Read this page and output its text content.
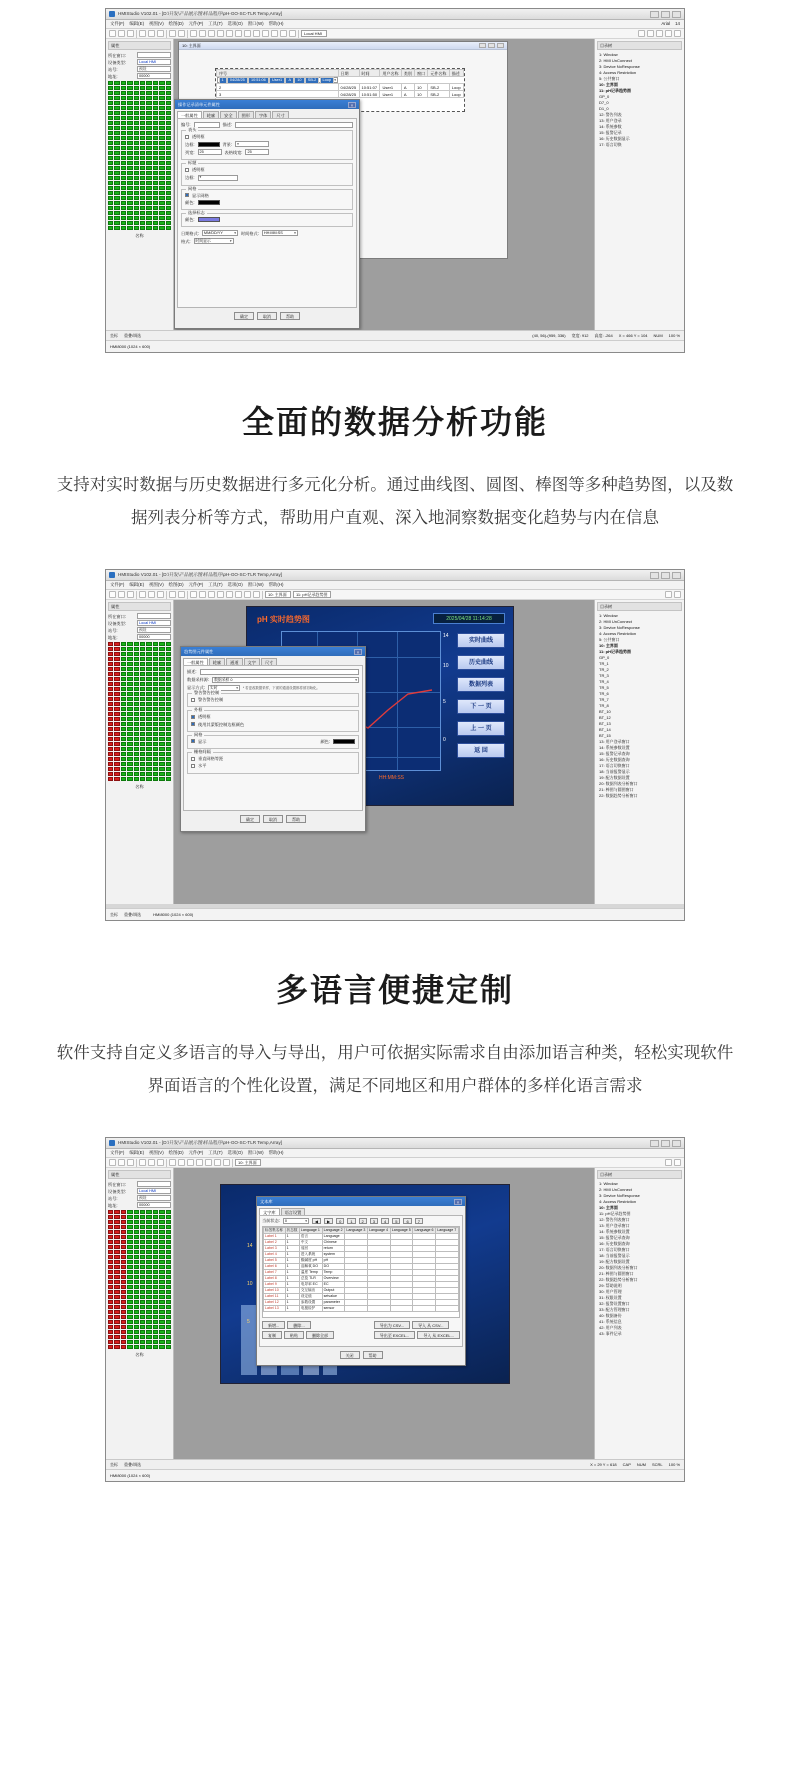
HMIStudio V102.01 - [D:\开发\产品展示图\样品程序\pH-GO-SC-TLR Temp,Array]
文件(F) 编辑(E) 视图(V) 绘图(D) 元件(P) 工具(T) 选项(O) 窗口(W) 帮助(H)	Arial 14
Local HMI
属性
所在窗口:
设备类型:	Local HMI
站号:	预设
地址:	00000
名称
10: 主界面
序号	日期	时间	用户名称	类别	窗口	元件名称	描述

1	04/28/25	10:51:06	User1	A	10	SB-2	Loop
▾
2	04/28/25	10:51:07	User1	A	10	SB-2	Loop
3	04/28/25	10:51:50	User1	A	10	SB-2	Loop
操作记录清单元件属性	×
一般属性	轮廓	安全	图形	字体	尺寸
编号:	描述:
表头
透明框
边框:	背景:
▾
列宽:	25	表格线宽:	25
标题
透明框
边框:
▾
网格
显示网格
颜色:
选择标志
颜色:
日期格式:	MM/DD/YY ▾	时间格式:	HH:MM:SS ▾
格式:	时间显示 ▾
确定	取消	帮助
目录树
1: Window
2: HMI UnConnect
3: Device NoResponse
4: Access Restriction
5: 公共窗口
10: 主界面
11: pH记录趋势图
GP_0
D7_0
D1_0
12: 警告列表
13: 用户登录
14: 系统参数
15: 报警记录
16: 历史数据显示
17: 语言切换
坐标 重叠/调选	(40, 56)-(959, 336) 宽度: 912 高度: -264 X = 466 Y = 104 NUM 100 %
HMI8000 (1024 × 600)
全面的数据分析功能

支持对实时数据与历史数据进行多元化分析。通过曲线图、圆图、棒图等多种趋势图，以及数据列表分析等方式，帮助用户直观、深入地洞察数据变化趋势与内在信息

HMIStudio V102.01 - [D:\开发\产品展示图\样品程序\pH-GO-SC-TLR Temp,Array]
文件(F) 编辑(E) 视图(V) 绘图(D) 元件(P) 工具(T) 选项(O) 窗口(W) 帮助(H)
10: 主界面	11: pH记录趋势图
属性
所在窗口:
设备类型:	Local HMI
站号:	预设
地址:	00000
名称
pH 实时趋势图	2025/04/28 11:14:28
14
10
5
0
HH:MM:SS
实时曲线
历史曲线
数据列表
下 一 页
上 一 页
返 回
趋势图元件属性	×
一般属性	轮廓	通道	文字	尺寸
描述:
数据采样源:	数据采样 0 ▾
显示方式:	实时 ▾	* 若更改数据采样，下面的通道设置都将被初始化。
警告警告控制
警告警告控制
外框
透明框
使用其蒙版控制边框颜色
网格
显示	颜色:
栅格间隔
垂直网格等距
水平
确定	取消	帮助
目录树
1: Window
2: HMI UnConnect
3: Device NoResponse
4: Access Restriction
5: 公共窗口
10: 主界面
11: pH记录趋势图
GP_0
TR_1
TR_2
TR_3
TR_4
TR_5
TR_6
TR_7
TR_8
BT_10
BT_12
BT_13
BT_14
BT_15
13: 用户登录窗口
14: 系统参数设置
15: 报警记录查询
16: 历史数据查询
17: 语言切换窗口
18: 当前报警显示
19: 配方数据设置
20: 数据列表分析窗口
21: 棒图与圆图窗口
22: 数据趋势分析窗口
坐标 重叠/调选	HMI8000 (1024 × 600)
多语言便捷定制

软件支持自定义多语言的导入与导出，用户可依据实际需求自由添加语言种类，轻松实现软件界面语言的个性化设置，满足不同地区和用户群体的多样化语言需求

HMIStudio V102.01 - [D:\开发\产品展示图\样品程序\pH-GO-SC-TLR Temp,Array]
文件(F) 编辑(E) 视图(V) 绘图(D) 元件(P) 工具(T) 选项(O) 窗口(W) 帮助(H)
10: 主界面
属性
所在窗口:
设备类型:	Local HMI
站号:	预设
地址:	00000
名称
14
10
5
文本库	×
文字库	语言设置
当前状态:	0 ▾	◀	▶	0	1	2	3	4	5	6	7
标签集名称	状态数	Language 1	Language 2	Language 3	Language 4	Language 5	Language 6	Language 7
Label 1	1	语言	Language					
Label 2	1	中文	Chinese					
Label 3	1	返回	return					
Label 4	1	进入系统	system					
Label 5	1	酸碱度 pH	pH					
Label 6	1	溶解氧 DO	DO					
Label 7	1	温度 Temp	Temp					
Label 8	1	总览 TLR	Overview					
Label 9	1	电导率 EC	EC					
Label 10	1	交互输出	Output					
Label 11	1	设定值	setvalue					
Label 12	1	参数设置	parameter					
Label 13	1	电极检护	sensor					
新增...	删除...
复制	粘贴	删除全部
导出为 CSV...	导入 从 CSV...
导出至 EXCEL...	导入 从 EXCEL...
关闭	帮助
目录树
1: Window
2: HMI UnConnect
3: Device NoResponse
4: Access Restriction
10: 主界面
11: pH记录趋势图
12: 警告列表窗口
13: 用户登录窗口
14: 系统参数设置
15: 报警记录查询
16: 历史数据查询
17: 语言切换窗口
18: 当前报警显示
19: 配方数据设置
20: 数据列表分析窗口
21: 棒图与圆图窗口
22: 数据趋势分析窗口
29: 帮助说明
30: 用户管理
31: 权限设置
32: 报警设置窗口
33: 配方管理窗口
40: 数据备份
41: 系统信息
42: 用户列表
43: 事件记录
坐标 重叠/调选	X = 29 Y = 618 CAP NUM SCRL 100 %
HMI8000 (1024 × 600)
